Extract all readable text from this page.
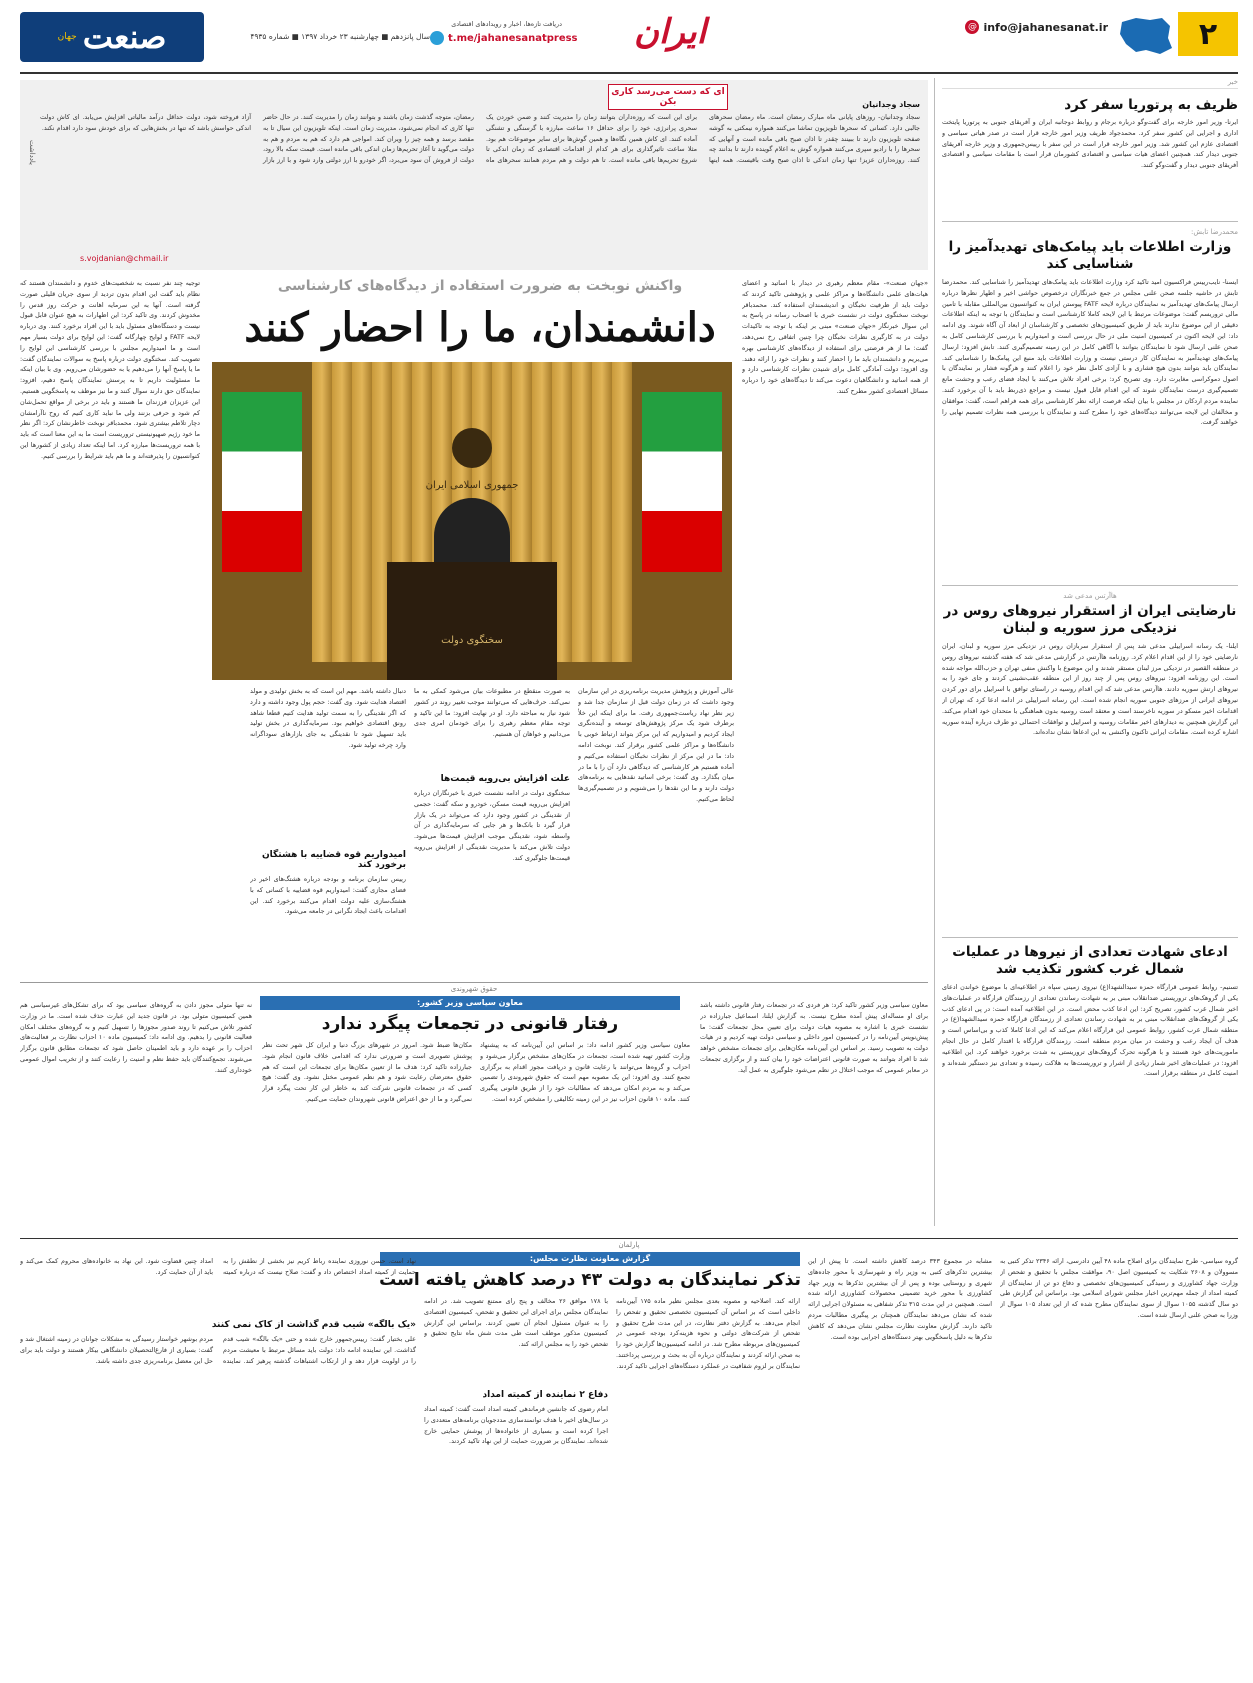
۲
@ info@jahanesanat.ir
ایران
دریافت تازه‌ها، اخبار و رویدادهای اقتصادی
t.me/jahanesanatpress
سال پانزدهم ■ چهارشنبه ۲۳ خرداد ۱۳۹۷ ■ شماره ۴۹۳۵
صنعت
جهان
خبر
ظریف به پرتوریا سفر کرد
ایرنا- وزیر امور خارجه برای گفت‌وگو درباره برجام و روابط دوجانبه ایران و آفریقای جنوبی به پرتوریا پایتخت اداری و اجرایی این کشور سفر کرد. محمدجواد ظریف وزیر امور خارجه قرار است در صدر هیاتی سیاسی و اقتصادی عازم این کشور شد. وزیر امور خارجه قرار است در این سفر با رییس‌جمهوری و وزیر خارجه آفریقای جنوبی دیدار کند. همچنین اعضای هیات سیاسی و اقتصادی کشورمان قرار است با مقامات سیاسی و اقتصادی آفریقای جنوبی دیدار و گفت‌وگو کنند.
محمدرضا تابش:
وزارت اطلاعات باید پیامک‌های تهدیدآمیز را شناسایی کند
ایسنا- نایب‌رییس فراکسیون امید تاکید کرد وزارت اطلاعات باید پیامک‌های تهدیدآمیز را شناسایی کند. محمدرضا تابش در حاشیه جلسه صحن علنی مجلس در جمع خبرنگاران درخصوص حواشی اخیر و اظهار نظرها درباره ارسال پیامک‌های تهدیدآمیز به نمایندگان درباره لایحه FATF پیوستن ایران به کنوانسیون بین‌المللی مقابله با تامین مالی تروریسم گفت: موضوعات مرتبط با این لایحه کاملا کارشناسی است و نمایندگان با توجه به اینکه اطلاعات دقیقی از این موضوع ندارند باید از طریق کمیسیون‌های تخصصی و کارشناسان از ابعاد آن آگاه شوند. وی ادامه داد: این لایحه اکنون در کمیسیون امنیت ملی در حال بررسی است و امیدواریم با بررسی کارشناسی کامل به صحن علنی ارسال شود تا نمایندگان بتوانند با آگاهی کامل در این زمینه تصمیم‌گیری کنند. تابش افزود: ارسال پیامک‌های تهدیدآمیز به نمایندگان کار درستی نیست و وزارت اطلاعات باید منبع این پیامک‌ها را شناسایی کند. نمایندگان باید بتوانند بدون هیچ فشاری و با آزادی کامل نظر خود را اعلام کنند و هرگونه فشار بر نمایندگان با اصول دموکراسی مغایرت دارد. وی تصریح کرد: برخی افراد تلاش می‌کنند با ایجاد فضای رعب و وحشت مانع تصمیم‌گیری درست نمایندگان شوند که این اقدام قابل قبول نیست و مراجع ذی‌ربط باید با آن برخورد کنند. نماینده مردم اردکان در مجلس با بیان اینکه فرصت ارائه نظر کارشناسی برای همه فراهم است، گفت: موافقان و مخالفان این لایحه می‌توانند دیدگاه‌های خود را مطرح کنند و نمایندگان با بررسی همه نظرات تصمیم نهایی را خواهند گرفت.
هاآرتس مدعی شد
نارضایتی ایران از استقرار نیروهای روس در نزدیکی مرز سوریه و لبنان
ایلنا- یک رسانه اسراییلی مدعی شد پس از استقرار سربازان روس در نزدیکی مرز سوریه و لبنان، ایران نارضایتی خود را از این اقدام اعلام کرد. روزنامه هاآرتس در گزارشی مدعی شد که هفته گذشته نیروهای روس در منطقه القصیر در نزدیکی مرز لبنان مستقر شدند و این موضوع با واکنش منفی تهران و حزب‌الله مواجه شده است. این روزنامه افزود: نیروهای روس پس از چند روز از این منطقه عقب‌نشینی کردند و جای خود را به نیروهای ارتش سوریه دادند. هاآرتس مدعی شد که این اقدام روسیه در راستای توافق با اسراییل برای دور کردن نیروهای ایرانی از مرزهای جنوبی سوریه انجام شده است. این رسانه اسراییلی در ادامه ادعا کرد که تهران از اقدامات اخیر مسکو در سوریه ناخرسند است و معتقد است روسیه بدون هماهنگی با متحدان خود اقدام می‌کند. این گزارش همچنین به دیدارهای اخیر مقامات روسیه و اسراییل و توافقات احتمالی دو طرف درباره آینده سوریه اشاره کرده است. مقامات ایرانی تاکنون واکنشی به این ادعاها نشان نداده‌اند.
ادعای شهادت تعدادی از نیروها در عملیات شمال غرب کشور تکذیب شد
تسنیم- روابط عمومی قرارگاه حمزه سیدالشهدا(ع) نیروی زمینی سپاه در اطلاعیه‌ای با موضوع خواندن ادعای یکی از گروهک‌های تروریستی ضدانقلاب مبنی بر به شهادت رساندن تعدادی از رزمندگان قرارگاه در عملیات‌های اخیر شمال غرب کشور، تصریح کرد: این ادعا کذب محض است. در این اطلاعیه آمده است: در پی ادعای کذب یکی از گروهک‌های ضدانقلاب مبنی بر به شهادت رساندن تعدادی از رزمندگان قرارگاه حمزه سیدالشهدا(ع) در منطقه شمال غرب کشور، روابط عمومی این قرارگاه اعلام می‌کند که این ادعا کاملا کذب و بی‌اساس است و هدف آن ایجاد رعب و وحشت در میان مردم منطقه است. رزمندگان قرارگاه با اقتدار کامل در حال انجام ماموریت‌های خود هستند و با هرگونه تحرک گروهک‌های تروریستی به شدت برخورد خواهند کرد. این اطلاعیه افزود: در عملیات‌های اخیر شمار زیادی از اشرار و تروریست‌ها به هلاکت رسیده و تعدادی نیز دستگیر شده‌اند و امنیت کامل در منطقه برقرار است.
یادداشت
ای که دست می‌رسد کاری بکن	سجاد وجدانیان
سجاد وجدانیان- روزهای پایانی ماه مبارک رمضان است. ماه رمضان سحرهای جالبی دارد. کسانی که سحرها تلویزیون تماشا می‌کنند همواره نیمکتی به گوشه صفحه تلویزیون دارند تا ببینند چقدر تا اذان صبح باقی مانده است و آنهایی که سحرها را با رادیو سپری می‌کنند همواره گوش به اعلام گوینده دارند تا بدانند چه کنند. روزه‌داران عزیز! تنها زمان اندکی تا اذان صبح وقت باقیست. همه اینها برای این است که روزه‌داران بتوانند زمان را مدیریت کنند و ضمن خوردن یک سحری پرانرژی، خود را برای حداقل ۱۶ ساعت مبارزه با گرسنگی و تشنگی آماده کنند. ای کاش همین نگاه‌ها و همین گوش‌ها برای سایر موضوعات هم بود. مثلا ساعت تاثیرگذاری برای هر کدام از اقدامات اقتصادی که زمان اندکی تا شروع تحریم‌ها باقی مانده است. تا هم دولت و هم مردم همانند سحرهای ماه رمضان، متوجه گذشت زمان باشند و بتوانند زمان را مدیریت کنند. در حال حاضر تنها کاری که انجام نمی‌شود، مدیریت زمان است. اینکه تلویزیون این سیال تا به مقصد برسد و همه چیز را ویران کند. امواجی هم دارد که هم به مردم و هم به دولت می‌گوید تا آغاز تحریم‌ها زمان اندکی باقی مانده است. قیمت سکه بالا رود، دولت از فروش آن سود می‌برد، اگر خودرو با ارز دولتی وارد شود و با ارز بازار آزاد فروخته شود، دولت حداقل درآمد مالیاتی افزایش می‌یابد. ای کاش دولت اندکی حواسش باشد که تنها در بخش‌هایی که برای خودش سود دارد اقدام نکند.
s.vojdanian@chmail.ir
واکنش نوبخت به ضرورت استفاده از دیدگاه‌های کارشناسی
دانشمندان، ما را احضار کنند
«جهان صنعت»- مقام معظم رهبری در دیدار با اساتید و اعضای هیات‌های علمی دانشگاه‌ها و مراکز علمی و پژوهشی تاکید کردند که دولت باید از ظرفیت نخبگان و اندیشمندان استفاده کند. محمدباقر نوبخت سخنگوی دولت در نشست خبری با اصحاب رسانه در پاسخ به این سوال خبرنگار «جهان صنعت» مبنی بر اینکه با توجه به تاکیدات دولت در به کارگیری نظرات نخبگان چرا چنین اتفاقی رخ نمی‌دهد، گفت: ما از هر فرصتی برای استفاده از دیدگاه‌های کارشناسی بهره می‌بریم و دانشمندان باید ما را احضار کنند و نظرات خود را ارائه دهند. وی افزود: دولت آمادگی کامل برای شنیدن نظرات کارشناسی دارد و از همه اساتید و دانشگاهیان دعوت می‌کند تا دیدگاه‌های خود را درباره مسائل اقتصادی کشور مطرح کنند.
جمهوری اسلامی ایران
سخنگوی دولت
عالی آموزش و پژوهش مدیریت برنامه‌ریزی در این سازمان وجود داشت که در زمان دولت قبل از سازمان جدا شد و زیر نظر نهاد ریاست‌جمهوری رفت. ما برای اینکه این خلأ برطرف شود یک مرکز پژوهش‌های توسعه و آینده‌نگری ایجاد کردیم و امیدواریم که این مرکز بتواند ارتباط خوبی با دانشگاه‌ها و مراکز علمی کشور برقرار کند. نوبخت ادامه داد: ما در این مرکز از نظرات نخبگان استفاده می‌کنیم و آماده هستیم هر کارشناسی که دیدگاهی دارد آن را با ما در میان بگذارد. وی گفت: برخی اساتید نقدهایی به برنامه‌های دولت دارند و ما این نقدها را می‌شنویم و در تصمیم‌گیری‌ها لحاظ می‌کنیم.
به صورت منقطع در مطبوعات بیان می‌شود کمکی به ما نمی‌کند. حرف‌هایی که می‌توانند موجب تغییر روند در کشور شود نیاز به مباحثه دارد. او در نهایت افزود: ما این تاکید و توجه مقام معظم رهبری را برای خودمان امری جدی می‌دانیم و خواهان آن هستیم.
علت افزایش بی‌رویه قیمت‌ها
سخنگوی دولت در ادامه نشست خبری با خبرنگاران درباره افزایش بی‌رویه قیمت مسکن، خودرو و سکه گفت: حجمی از نقدینگی در کشور وجود دارد که می‌تواند در یک بازار قرار گیرد تا بانک‌ها و هر جایی که سرمایه‌گذاری در آن واسطه شود، نقدینگی موجب افزایش قیمت‌ها می‌شود. دولت تلاش می‌کند با مدیریت نقدینگی از افزایش بی‌رویه قیمت‌ها جلوگیری کند.
دنبال داشته باشد. مهم این است که به بخش تولیدی و مولد اقتصاد هدایت شود. وی گفت: حجم پول وجود داشته و دارد که اگر نقدینگی را به سمت تولید هدایت کنیم قطعا شاهد رونق اقتصادی خواهیم بود. سرمایه‌گذاری در بخش تولید باید تسهیل شود تا نقدینگی به جای بازارهای سوداگرانه وارد چرخه تولید شود.
امیدواریم قوه قضاییه با هشتگان برخورد کند
رییس سازمان برنامه و بودجه درباره هشتگ‌های اخیر در فضای مجازی گفت: امیدواریم قوه قضاییه با کسانی که با هشتگ‌سازی علیه دولت اقدام می‌کنند برخورد کند. این اقدامات باعث ایجاد نگرانی در جامعه می‌شود.
توجیه چند نفر نسبت به شخصیت‌های خدوم و دانشمندان هستند که نظام باید گفت این اقدام بدون تردید از سوی جریان قلیلی صورت گرفته است. آنها به این سرمایه اهانت و حرکت روز قدس را مخدوش کردند. وی تاکید کرد: این اظهارات به هیچ عنوان قابل قبول نیست و دستگاه‌های مسئول باید با این افراد برخورد کنند. وی درباره لایحه FATF و لوایح چهارگانه گفت: این لوایح برای دولت بسیار مهم است و ما امیدواریم مجلس با بررسی کارشناسی این لوایح را تصویب کند. سخنگوی دولت درباره پاسخ به سوالات نمایندگان گفت: ما یا پاسخ آنها را می‌دهیم یا به حضورشان می‌رویم. وی با بیان اینکه ما مسئولیت داریم تا به پرسش نمایندگان پاسخ دهیم، افزود: نمایندگان حق دارند سوال کنند و ما نیز موظف به پاسخگویی هستیم. این عزیزان فرزندان ما هستند و باید در برخی از مواقع تحمل‌شان کم شود و حرفی بزنند ولی ما نباید کاری کنیم که روح ناآرامشان دچار تلاطم بیشتری شود. محمدباقر نوبخت خاطرنشان کرد: اگر نظر ما خود رژیم صهیونیستی تروریست است ما به این معنا است که باید با همه تروریست‌ها مبارزه کرد. اما اینکه تعداد زیادی از کشورها این کنوانسیون را پذیرفته‌اند و ما هم باید شرایط را بررسی کنیم.
حقوق شهروندی
معاون سیاسی وزیر کشور:
رفتار قانونی در تجمعات پیگرد ندارد
معاون سیاسی وزیر کشور تاکید کرد: هر فردی که در تجمعات رفتار قانونی داشته باشد برای او مساله‌ای پیش آمده مطرح نیست. به گزارش ایلنا، اسماعیل جبارزاده در نشست خبری با اشاره به مصوبه هیات دولت برای تعیین محل تجمعات گفت: ما پیش‌نویس آیین‌نامه را در کمیسیون امور داخلی و سیاسی دولت تهیه کردیم و در هیات دولت به تصویب رسید. بر اساس این آیین‌نامه مکان‌هایی برای تجمعات مشخص خواهد شد تا افراد بتوانند به صورت قانونی اعتراضات خود را بیان کنند و از برگزاری تجمعات در معابر عمومی که موجب اختلال در نظم می‌شود جلوگیری به عمل آید.
معاون سیاسی وزیر کشور ادامه داد: بر اساس این آیین‌نامه که به پیشنهاد وزارت کشور تهیه شده است، تجمعات در مکان‌های مشخص برگزار می‌شود و احزاب و گروه‌ها می‌توانند با رعایت قانون و دریافت مجوز اقدام به برگزاری تجمع کنند. وی افزود: این یک مصوبه مهم است که حقوق شهروندی را تضمین می‌کند و به مردم امکان می‌دهد که مطالبات خود را از طریق قانونی پیگیری کنند. ماده ۱۰ قانون احزاب نیز در این زمینه تکالیفی را مشخص کرده است.
مکان‌ها ضبط شود. امروز در شهرهای بزرگ دنیا و ایران کل شهر تحت نظر پوشش تصویری است و ضرورتی ندارد که اقدامی خلاف قانون انجام شود. جبارزاده تاکید کرد: هدف ما از تعیین مکان‌ها برای تجمعات این است که هم حقوق معترضان رعایت شود و هم نظم عمومی مختل نشود. وی گفت: هیچ کسی که در تجمعات قانونی شرکت کند به خاطر این کار تحت پیگرد قرار نمی‌گیرد و ما از حق اعتراض قانونی شهروندان حمایت می‌کنیم.
نه تنها متولی مجوز دادن به گروه‌های سیاسی بود که برای تشکل‌های غیرسیاسی هم همین کمیسیون متولی بود. در قانون جدید این عبارت حذف شده است. ما در وزارت کشور تلاش می‌کنیم تا روند صدور مجوزها را تسهیل کنیم و به گروه‌های مختلف امکان فعالیت قانونی را بدهیم. وی ادامه داد: کمیسیون ماده ۱۰ احزاب نظارت بر فعالیت‌های احزاب را بر عهده دارد و باید اطمینان حاصل شود که تجمعات مطابق قانون برگزار می‌شوند. تجمع‌کنندگان باید حفظ نظم و امنیت را رعایت کنند و از تخریب اموال عمومی خودداری کنند.
پارلمان
گزارش معاونت نظارت مجلس:
تذکر نمایندگان به دولت ۴۳ درصد کاهش یافته است
گروه سیاسی- طرح نمایندگان برای اصلاح ماده ۴۸ آیین دادرسی، ارائه ۲۳۴۶ تذکر کتبی به مسوولان و ۲۶۰۸ شکایت به کمیسیون اصل ۹۰، موافقت مجلس با تحقیق و تفحص از وزارت جهاد کشاورزی و رسیدگی کمیسیون‌های تخصصی و دفاع دو تن از نمایندگان از کمیته امداد از جمله مهم‌ترین اخبار مجلس شورای اسلامی بود. براساس این گزارش طی دو سال گذشته ۱۰۵۵ سوال از سوی نمایندگان مطرح شده که از این تعداد ۱۰۵ سوال از وزرا به صحن علنی ارسال شده است.
مشابه در مجموع ۳۴۳ درصد کاهش داشته است. تا پیش از این بیشترین تذکرهای کتبی به وزیر راه و شهرسازی با محور جاده‌های شهری و روستایی بوده و پس از آن بیشترین تذکرها به وزیر جهاد کشاورزی با محور خرید تضمینی محصولات کشاورزی ارائه شده است. همچنین در این مدت ۳۱۵ تذکر شفاهی به مسئولان اجرایی ارائه شده که نشان می‌دهد نمایندگان همچنان بر پیگیری مطالبات مردم تاکید دارند. گزارش معاونت نظارت مجلس نشان می‌دهد که کاهش تذکرها به دلیل پاسخگویی بهتر دستگاه‌های اجرایی بوده است.
ارائه کند. اصلاحیه و مصوبه بعدی مجلس نظیر ماده ۱۷۵ آیین‌نامه داخلی است که بر اساس آن کمیسیون تخصصی تحقیق و تفحص را انجام می‌دهد. به گزارش دفتر نظارت، در این مدت طرح تحقیق و تفحص از شرکت‌های دولتی و نحوه هزینه‌کرد بودجه عمومی در کمیسیون‌های مربوطه مطرح شد. در ادامه کمیسیون‌ها گزارش خود را به صحن ارائه کردند و نمایندگان درباره آن به بحث و بررسی پرداختند. نمایندگان بر لزوم شفافیت در عملکرد دستگاه‌های اجرایی تاکید کردند.
با ۱۷۸ موافق ۲۶ مخالف و پنج رای ممتنع تصویب شد. در ادامه نمایندگان مجلس برای اجرای این تحقیق و تفحص، کمیسیون اقتصادی را به عنوان مسئول انجام آن تعیین کردند. براساس این گزارش کمیسیون مذکور موظف است طی مدت شش ماه نتایج تحقیق و تفحص خود را به مجلس ارائه کند.
دفاع ۲ نماینده از کمیته امداد
امام رضوی که جانشین فرماندهی کمیته امداد است گفت: کمیته امداد در سال‌های اخیر با هدف توانمندسازی مددجویان برنامه‌های متعددی را اجرا کرده است و بسیاری از خانواده‌ها از پوشش حمایتی خارج شده‌اند. نمایندگان بر ضرورت حمایت از این نهاد تاکید کردند.
نهاد است. حسن نوروزی نماینده رباط کریم نیز بخشی از نطقش را به حمایت از کمیته امداد اختصاص داد و گفت: صلاح نیست که درباره کمیته امداد چنین قضاوت شود. این نهاد به خانواده‌های محروم کمک می‌کند و باید از آن حمایت کرد.
«یک بالگه» شیب قدم گذاشت از کاک نمی کنند
علی بختیار گفت: رییس‌جمهور خارج شده و حتی «یک بالگه» شیب قدم گذاشت. این نماینده ادامه داد: دولت باید مسائل مرتبط با معیشت مردم را در اولویت قرار دهد و از ارتکاب اشتباهات گذشته پرهیز کند. نماینده مردم بوشهر خواستار رسیدگی به مشکلات جوانان در زمینه اشتغال شد و گفت: بسیاری از فارغ‌التحصیلان دانشگاهی بیکار هستند و دولت باید برای حل این معضل برنامه‌ریزی جدی داشته باشد.
